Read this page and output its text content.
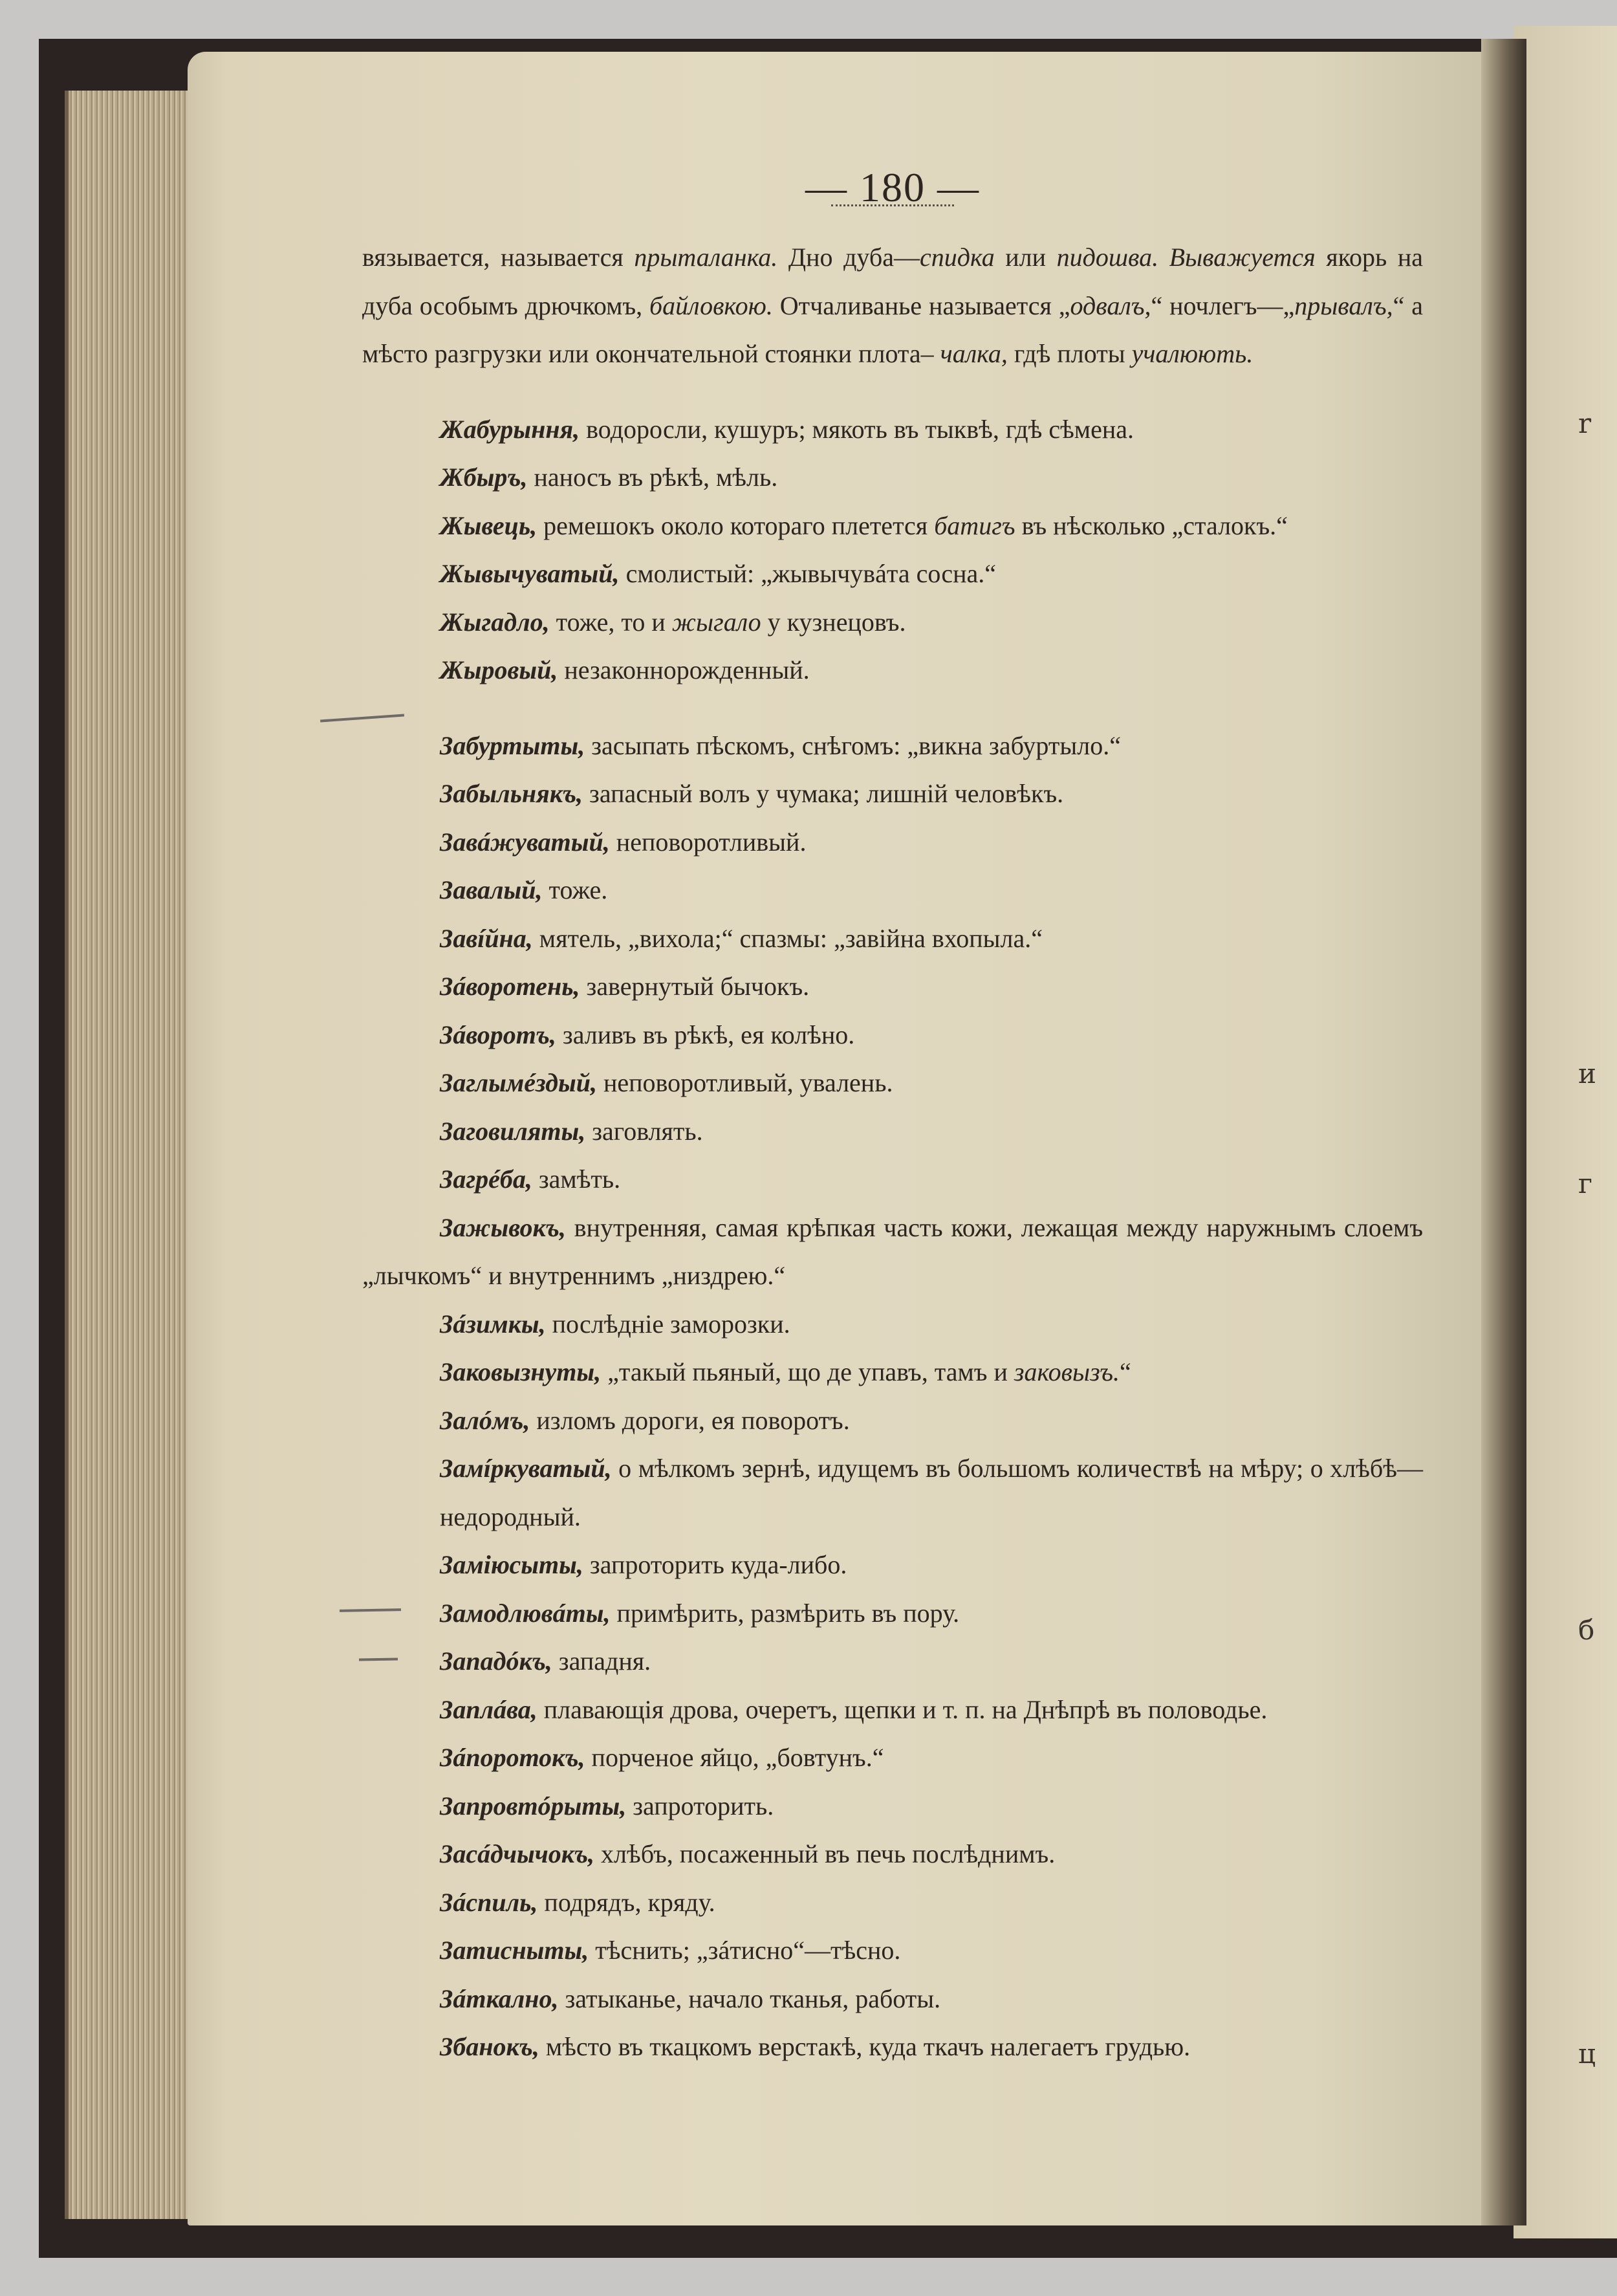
r
и
г
б
ц
— 180 —

вязывается, называется прыталанка. Дно дуба—спидка или пидошва. Выважуется якорь на дуба особымъ дрючкомъ, байловкою. Отчаливанье называется „одвалъ,“ ночлегъ—„прывалъ,“ а мѣсто разгрузки или окончательной стоянки плота– чалка, гдѣ плоты учалюють.

Жабурыння, водоросли, кушуръ; мякоть въ тыквѣ, гдѣ сѣмена.

Жбыръ, наносъ въ рѣкѣ, мѣль.

Жывець, ремешокъ около котораго плетется батигъ въ нѣсколько „сталокъ.“

Жывычуватый, смолистый: „жывычувáта сосна.“

Жыгадло, тоже, то и жыгало у кузнецовъ.

Жыровый, незаконнорожденный.

Забуртыты, засыпать пѣскомъ, снѣгомъ: „викна забуртыло.“

Забыльнякъ, запасный волъ у чумака; лишній человѣкъ.

Завáжуватый, неповоротливый.

Завалый, тоже.

Завíйна, мятель, „вихола;“ спазмы: „завійна вхопыла.“

Зáворотень, завернутый бычокъ.

Зáворотъ, заливъ въ рѣкѣ, ея колѣно.

Заглымéздый, неповоротливый, увалень.

Заговиляты, заговлять.

Загрéба, замѣть.

Зажывокъ, внутренняя, самая крѣпкая часть кожи, лежащая между наружнымъ слоемъ „лычкомъ“ и внутреннимъ „низдрею.“

Зáзимкы, послѣдніе заморозки.

Заковызнуты, „такый пьяный, що де упавъ, тамъ и заковызъ.“

Залóмъ, изломъ дороги, ея поворотъ.

Замíркуватый, о мѣлкомъ зернѣ, идущемъ въ большомъ количествѣ на мѣру; о хлѣбѣ—недородный.

Заміюсыты, запроторить куда-либо.

Замодлювáты, примѣрить, размѣрить въ пору.

Западóкъ, западня.

Заплáва, плавающія дрова, очеретъ, щепки и т. п. на Днѣпрѣ въ половодье.

Зáпоротокъ, порченое яйцо, „бовтунъ.“

Запровтóрыты, запроторить.

Засáдчычокъ, хлѣбъ, посаженный въ печь послѣднимъ.

Зáспиль, подрядъ, кряду.

Затисныты, тѣснить; „зáтисно“—тѣсно.

Зáткално, затыканье, начало тканья, работы.

Збанокъ, мѣсто въ ткацкомъ верстакѣ, куда ткачъ налегаетъ грудью.
